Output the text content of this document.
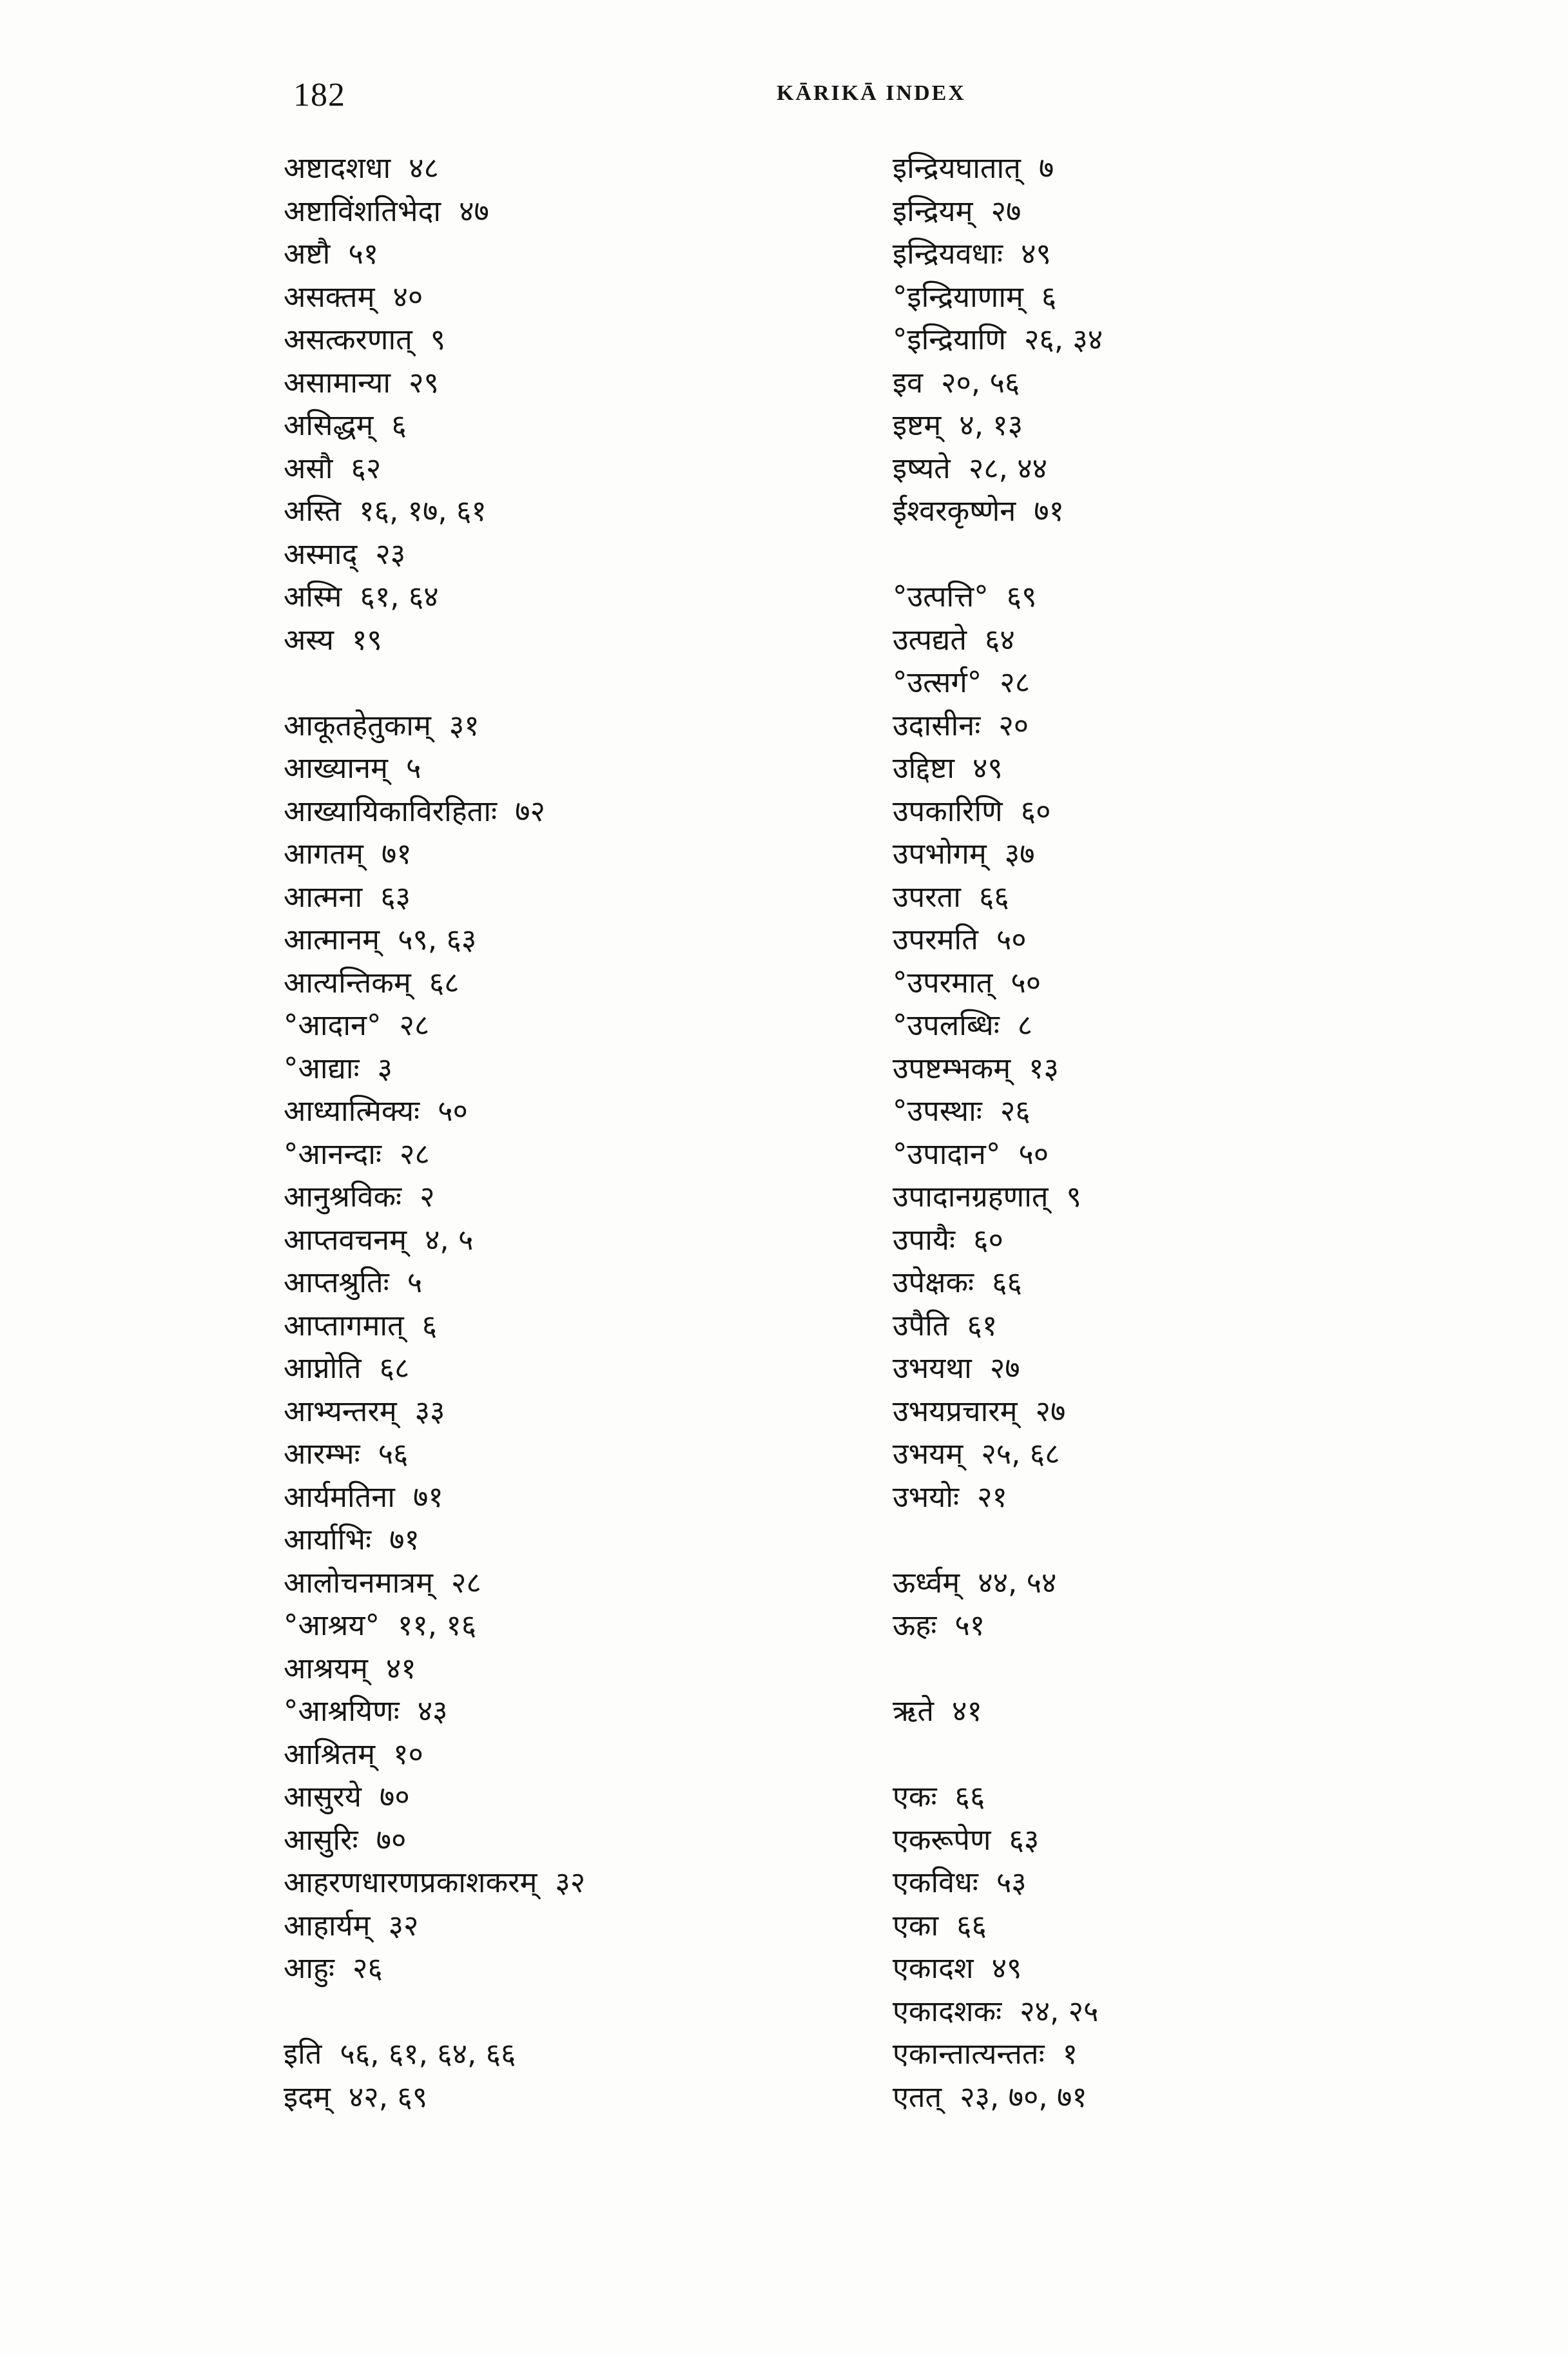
182	KĀRIKĀ INDEX
अष्टादशधा ४८
अष्टाविंशतिभेदा ४७
अष्टौ ५१
असक्तम् ४०
असत्करणात् ९
असामान्या २९
असिद्धम् ६
असौ ६२
अस्ति १६, १७, ६१
अस्माद् २३
अस्मि ६१, ६४
अस्य १९
आकूतहेतुकाम् ३१
आख्यानम् ५
आख्यायिकाविरहिताः ७२
आगतम् ७१
आत्मना ६३
आत्मानम् ५९, ६३
आत्यन्तिकम् ६८
°आदान° २८
°आद्याः ३
आध्यात्मिक्यः ५०
°आनन्दाः २८
आनुश्रविकः २
आप्तवचनम् ४, ५
आप्तश्रुतिः ५
आप्तागमात् ६
आप्नोति ६८
आभ्यन्तरम् ३३
आरम्भः ५६
आर्यमतिना ७१
आर्याभिः ७१
आलोचनमात्रम् २८
°आश्रय° ११, १६
आश्रयम् ४१
°आश्रयिणः ४३
आश्रितम् १०
आसुरये ७०
आसुरिः ७०
आहरणधारणप्रकाशकरम् ३२
आहार्यम् ३२
आहुः २६
इति ५६, ६१, ६४, ६६
इदम् ४२, ६९
इन्द्रियघातात् ७
इन्द्रियम् २७
इन्द्रियवधाः ४९
°इन्द्रियाणाम् ६
°इन्द्रियाणि २६, ३४
इव २०, ५६
इष्टम् ४, १३
इष्यते २८, ४४
ईश्वरकृष्णेन ७१
°उत्पत्ति° ६९
उत्पद्यते ६४
°उत्सर्ग° २८
उदासीनः २०
उद्दिष्टा ४९
उपकारिणि ६०
उपभोगम् ३७
उपरता ६६
उपरमति ५०
°उपरमात् ५०
°उपलब्धिः ८
उपष्टम्भकम् १३
°उपस्थाः २६
°उपादान° ५०
उपादानग्रहणात् ९
उपायैः ६०
उपेक्षकः ६६
उपैति ६१
उभयथा २७
उभयप्रचारम् २७
उभयम् २५, ६८
उभयोः २१
ऊर्ध्वम् ४४, ५४
ऊहः ५१
ऋते ४१
एकः ६६
एकरूपेण ६३
एकविधः ५३
एका ६६
एकादश ४९
एकादशकः २४, २५
एकान्तात्यन्ततः १
एतत् २३, ७०, ७१
